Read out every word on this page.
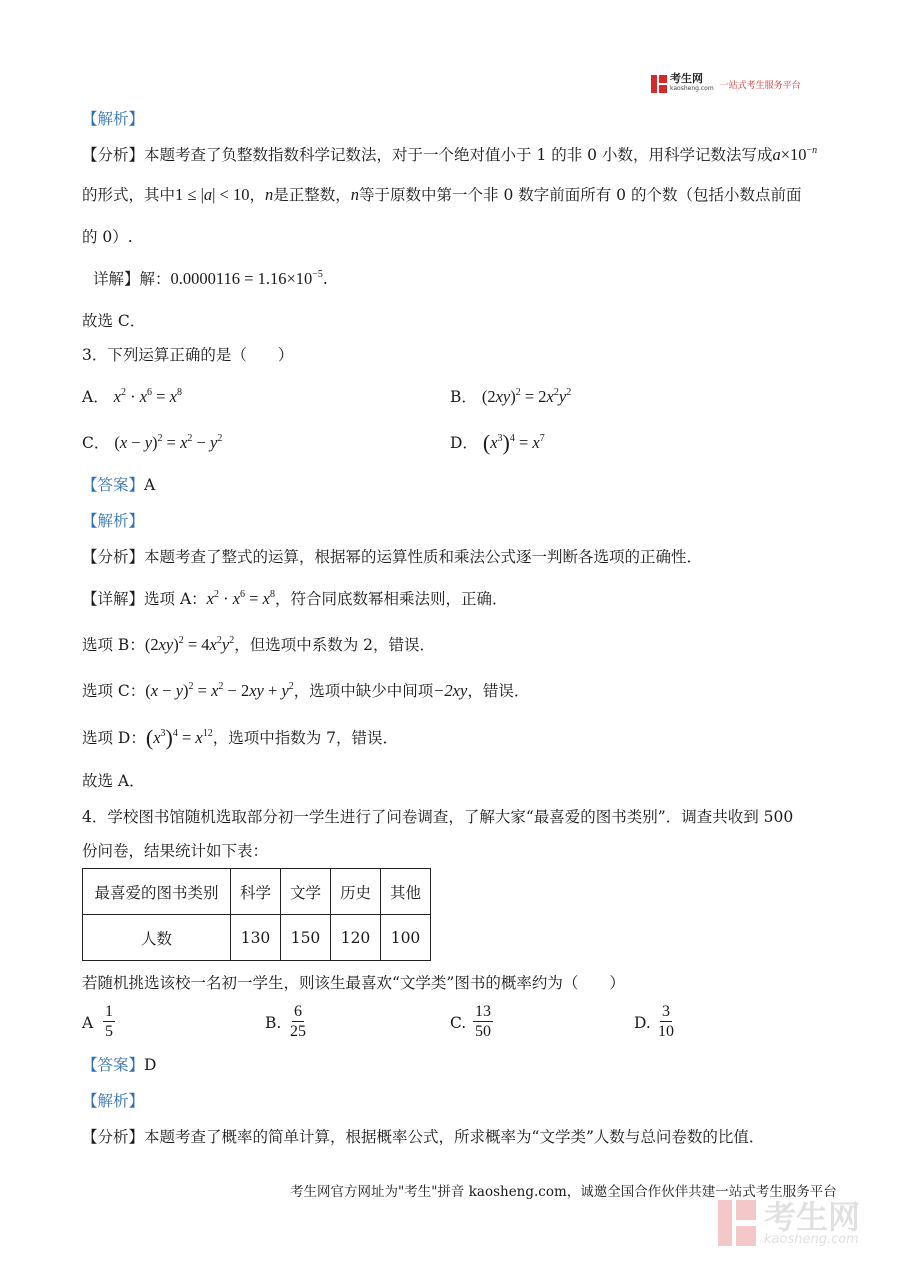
考生网
kaosheng.com 一站式考生服务平台
【解析】
【分析】本题考查了负整数指数科学记数法，对于一个绝对值小于 1 的非 0 小数，用科学记数法写成$a\times 10^{-n}$
的形式，其中1 ≤ |a| < 10，n是正整数，n等于原数中第一个非 0 数字前面所有 0 的个数（包括小数点前面
的 0）.
详解】解：$0.0000116 = 1.16\times 10^{-5}$.
故选 C．
3．下列运算正确的是（　　）
A． $x^2 \cdot x^6 = x^8$	B． $(2xy)^2 = 2x^2y^2$
C． $(x - y)^2 = x^2 - y^2$	D． $(x^3)^4 = x^7$
【答案】A
【解析】
【分析】本题考查了整式的运算，根据幂的运算性质和乘法公式逐一判断各选项的正确性．
【详解】选项 A：$x^2 \cdot x^6 = x^8$，符合同底数幂相乘法则，正确．
选项 B：$(2xy)^2 = 4x^2y^2$，但选项中系数为 2，错误．
选项 C：$(x - y)^2 = x^2 - 2xy + y^2$，选项中缺少中间项−2xy，错误．
选项 D：$(x^3)^4 = x^{12}$，选项中指数为 7，错误．
故选 A．
4．学校图书馆随机选取部分初一学生进行了问卷调查，了解大家“最喜爱的图书类别”．调查共收到 500
份问卷，结果统计如下表：
最喜爱的图书类别	科学	文学	历史	其他
人数	130	150	120	100
若随机挑选该校一名初一学生，则该生最喜欢“文学类”图书的概率约为（　　）
A $\frac{1}{5}$	B. $\frac{6}{25}$	C. $\frac{13}{50}$	D. $\frac{3}{10}$
【答案】D
【解析】
【分析】本题考查了概率的简单计算，根据概率公式，所求概率为“文学类”人数与总问卷数的比值．
考生网官方网址为"考生"拼音 kaosheng.com，诚邀全国合作伙伴共建一站式考生服务平台
考生网
kaosheng.com
